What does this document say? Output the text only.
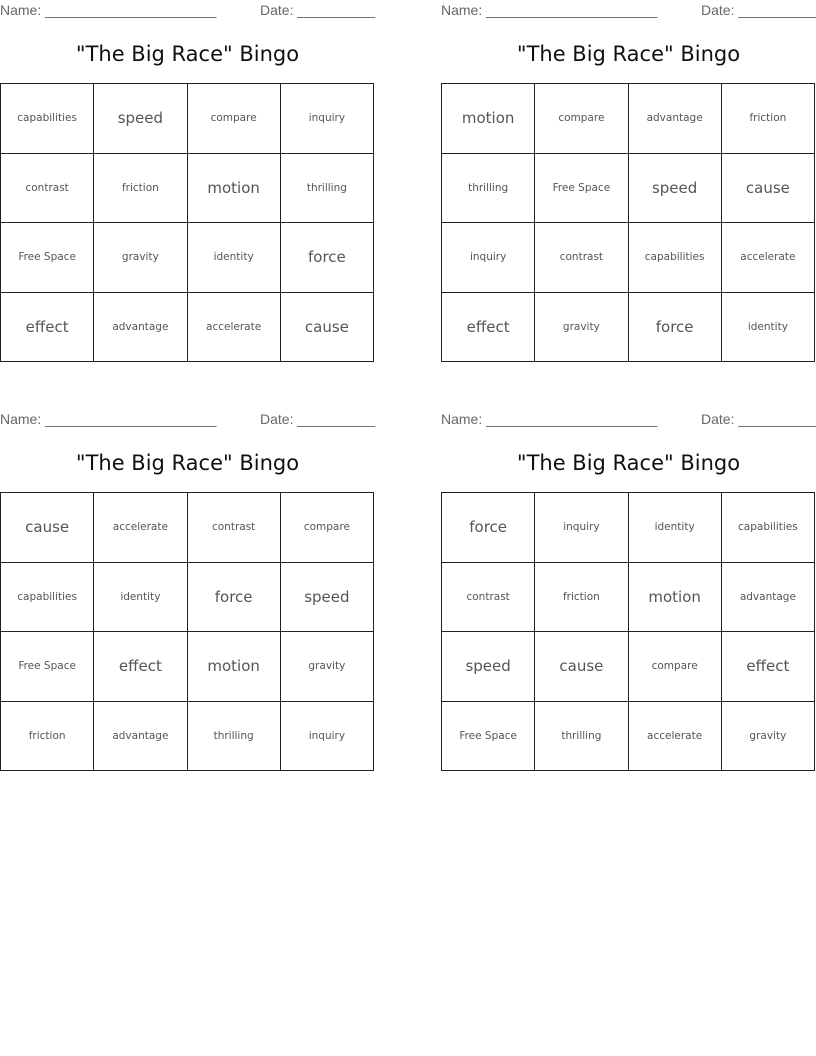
Name: ______________________	Date: __________
"The Big Race" Bingo
capabilities	speed	compare	inquiry
contrast	friction	motion	thrilling
Free Space	gravity	identity	force
effect	advantage	accelerate	cause
Name: ______________________	Date: __________
"The Big Race" Bingo
motion	compare	advantage	friction
thrilling	Free Space	speed	cause
inquiry	contrast	capabilities	accelerate
effect	gravity	force	identity
Name: ______________________	Date: __________
"The Big Race" Bingo
cause	accelerate	contrast	compare
capabilities	identity	force	speed
Free Space	effect	motion	gravity
friction	advantage	thrilling	inquiry
Name: ______________________	Date: __________
"The Big Race" Bingo
force	inquiry	identity	capabilities
contrast	friction	motion	advantage
speed	cause	compare	effect
Free Space	thrilling	accelerate	gravity
